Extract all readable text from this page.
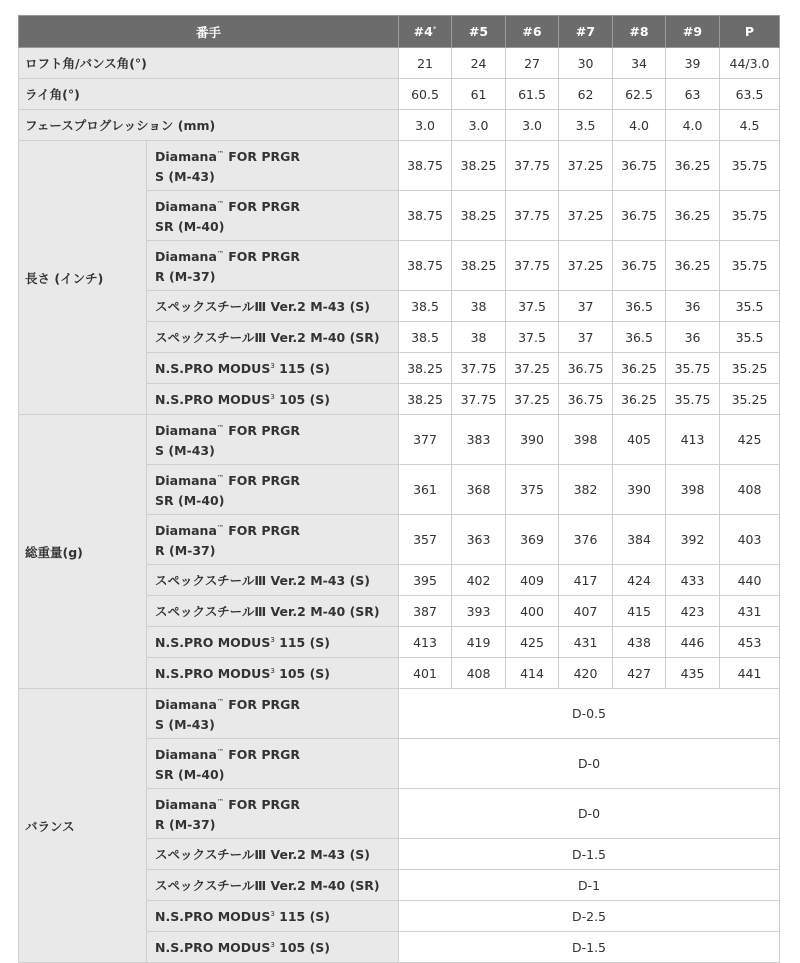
番手		#4*	#5	#6	#7	#8	#9	P
ロフト角/バンス角(°)		21	24	27	30	34	39	44/3.0
ライ角(°)		60.5	61	61.5	62	62.5	63	63.5
フェースプログレッション (mm)		3.0	3.0	3.0	3.5	4.0	4.0	4.5
長さ (インチ)	Diamana™ FOR PRGR
S (M-43)	38.75	38.25	37.75	37.25	36.75	36.25	35.75
	Diamana™ FOR PRGR
SR (M-40)	38.75	38.25	37.75	37.25	36.75	36.25	35.75
	Diamana™ FOR PRGR
R (M-37)	38.75	38.25	37.75	37.25	36.75	36.25	35.75
	スペックスチールⅢ Ver.2 M-43 (S)	38.5	38	37.5	37	36.5	36	35.5
	スペックスチールⅢ Ver.2 M-40 (SR)	38.5	38	37.5	37	36.5	36	35.5
	N.S.PRO MODUS$^3$ 115 (S)	38.25	37.75	37.25	36.75	36.25	35.75	35.25
	N.S.PRO MODUS$^3$ 105 (S)	38.25	37.75	37.25	36.75	36.25	35.75	35.25
総重量(g)	Diamana™ FOR PRGR
S (M-43)	377	383	390	398	405	413	425
	Diamana™ FOR PRGR
SR (M-40)	361	368	375	382	390	398	408
	Diamana™ FOR PRGR
R (M-37)	357	363	369	376	384	392	403
	スペックスチールⅢ Ver.2 M-43 (S)	395	402	409	417	424	433	440
	スペックスチールⅢ Ver.2 M-40 (SR)	387	393	400	407	415	423	431
	N.S.PRO MODUS$^3$ 115 (S)	413	419	425	431	438	446	453
	N.S.PRO MODUS$^3$ 105 (S)	401	408	414	420	427	435	441
バランス	Diamana™ FOR PRGR
S (M-43)	D-0.5						
	Diamana™ FOR PRGR
SR (M-40)	D-0						
	Diamana™ FOR PRGR
R (M-37)	D-0						
	スペックスチールⅢ Ver.2 M-43 (S)	D-1.5						
	スペックスチールⅢ Ver.2 M-40 (SR)	D-1						
	N.S.PRO MODUS$^3$ 115 (S)	D-2.5						
	N.S.PRO MODUS$^3$ 105 (S)	D-1.5						
